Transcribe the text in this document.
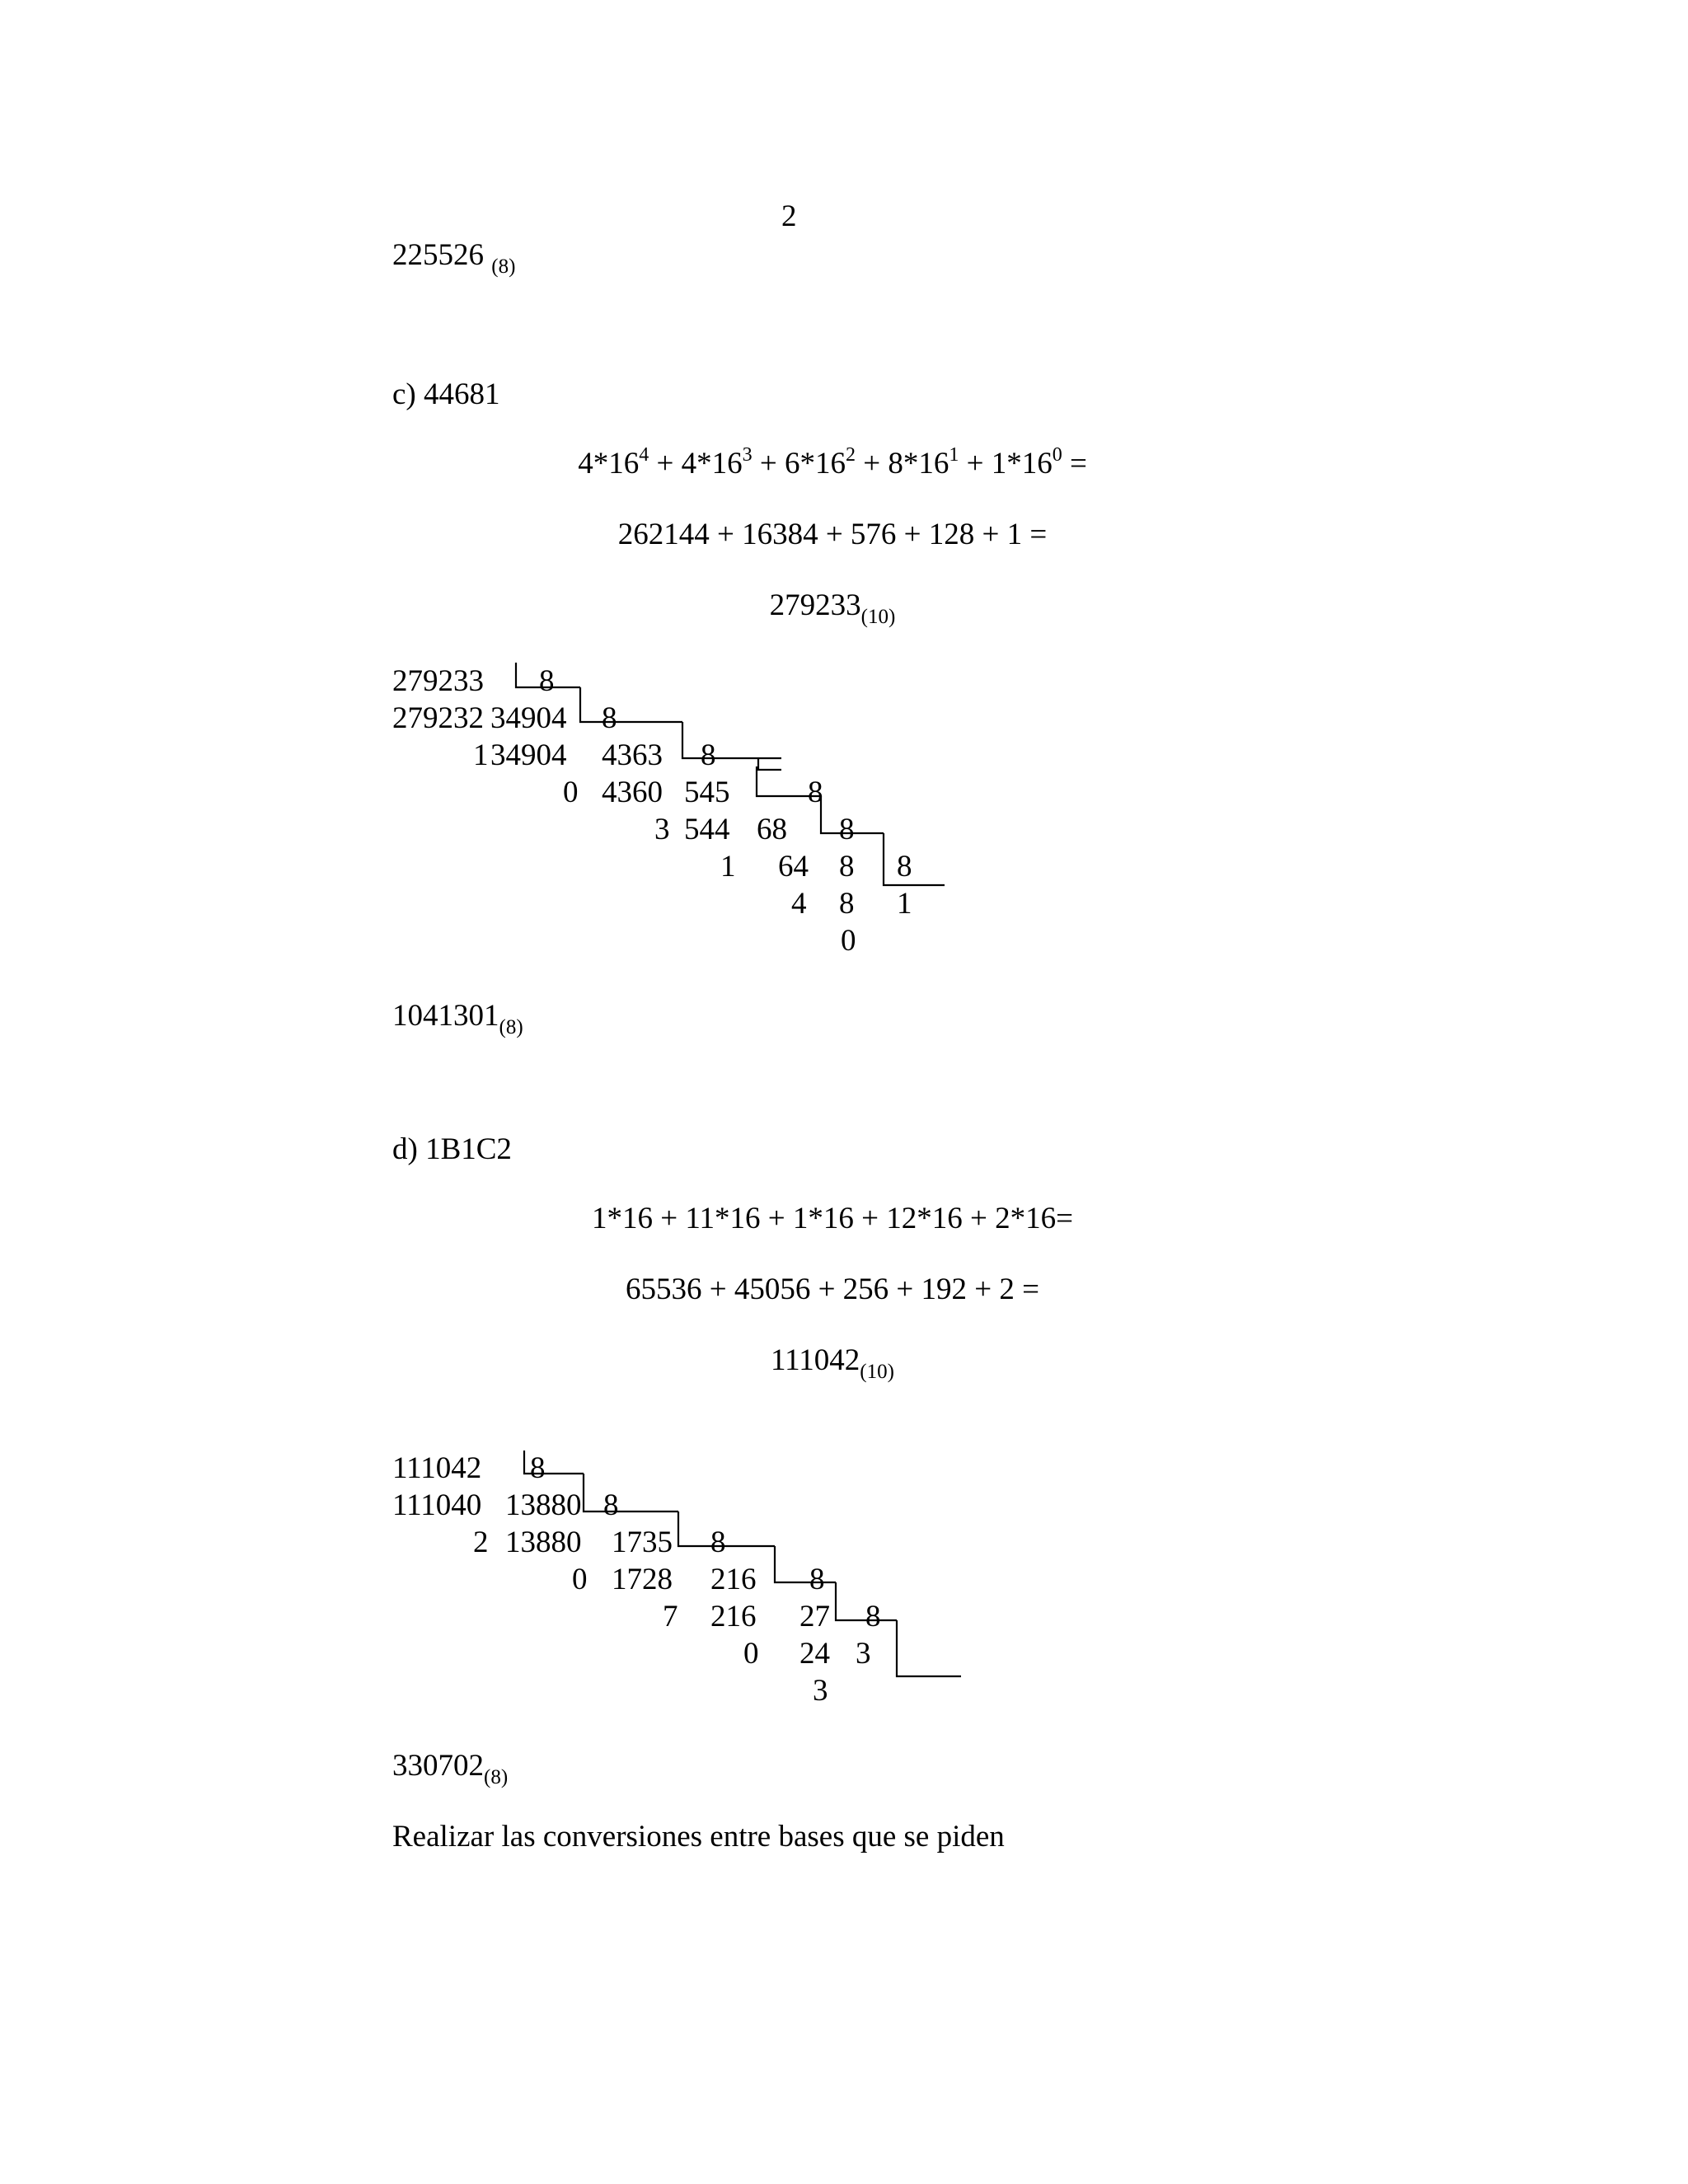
2
225526 $_{(8)}$
c) 44681
$4*16^4 + 4*16^3 + 6*16^2 + 8*16^1 + 1*16^0$ =
262144 + 16384 + 576 + 128 + 1 =
$279233_{(10)}$
279233 8
279232 34904 8
1 34904 4363 8
0 4360 545	8
3 544 68 8
1 64 8 8
4 8 1
0
$1041301_{(8)}$
d) 1B1C2
1*16 + 11*16 + 1*16 + 12*16 + 2*16=
65536 + 45056 + 256 + 192 + 2 =
$111042_{(10)}$
111042 8
111040 13880 8
2 13880 1735 8
0 1728 216 8
7 216 27 8
0 24 3
3
$330702_{(8)}$
Realizar las conversiones entre bases que se piden
